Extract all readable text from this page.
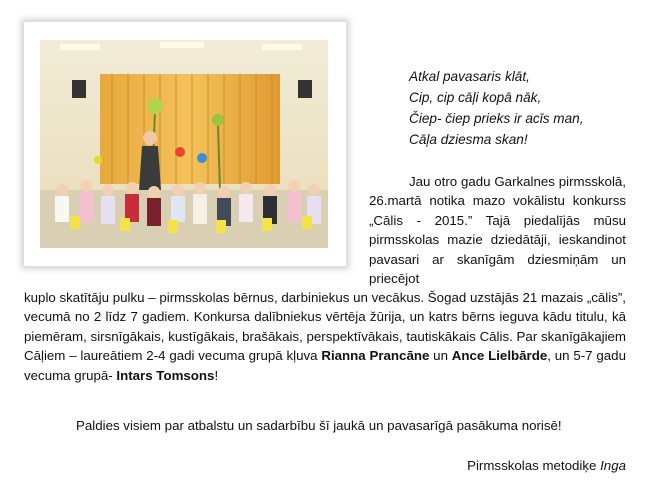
Atkal pavasaris klāt,
Cip, cip cāļi kopā nāk,
Čiep- čiep prieks ir acīs man,
Cāļa dziesma skan!
Jau otro gadu Garkalnes pirmsskolā, 26.martā notika mazo vokālistu konkurss „Cālis - 2015.” Tajā piedalījās mūsu pirmsskolas mazie dziedātāji, ieskandinot pavasari ar skanīgām dziesmiņām un priecējot
kuplo skatītāju pulku – pirmsskolas bērnus, darbiniekus un vecākus. Šogad uzstājās 21 mazais „cālis”, vecumā no 2 līdz 7 gadiem. Konkursa dalībniekus vērtēja žūrija, un katrs bērns ieguva kādu titulu, kā piemēram, sirsnīgākais, kustīgākais, brašākais, perspektīvākais, tautiskākais Cālis. Par skanīgākajiem Cāļiem – laureātiem 2-4 gadi vecuma grupā kļuva Rianna Prancāne un Ance Lielbārde, un 5-7 gadu vecuma grupā- Intars Tomsons!
Paldies visiem par atbalstu un sadarbību šī jaukā un pavasarīgā pasākuma norisē!
Pirmsskolas metodiķe Inga
